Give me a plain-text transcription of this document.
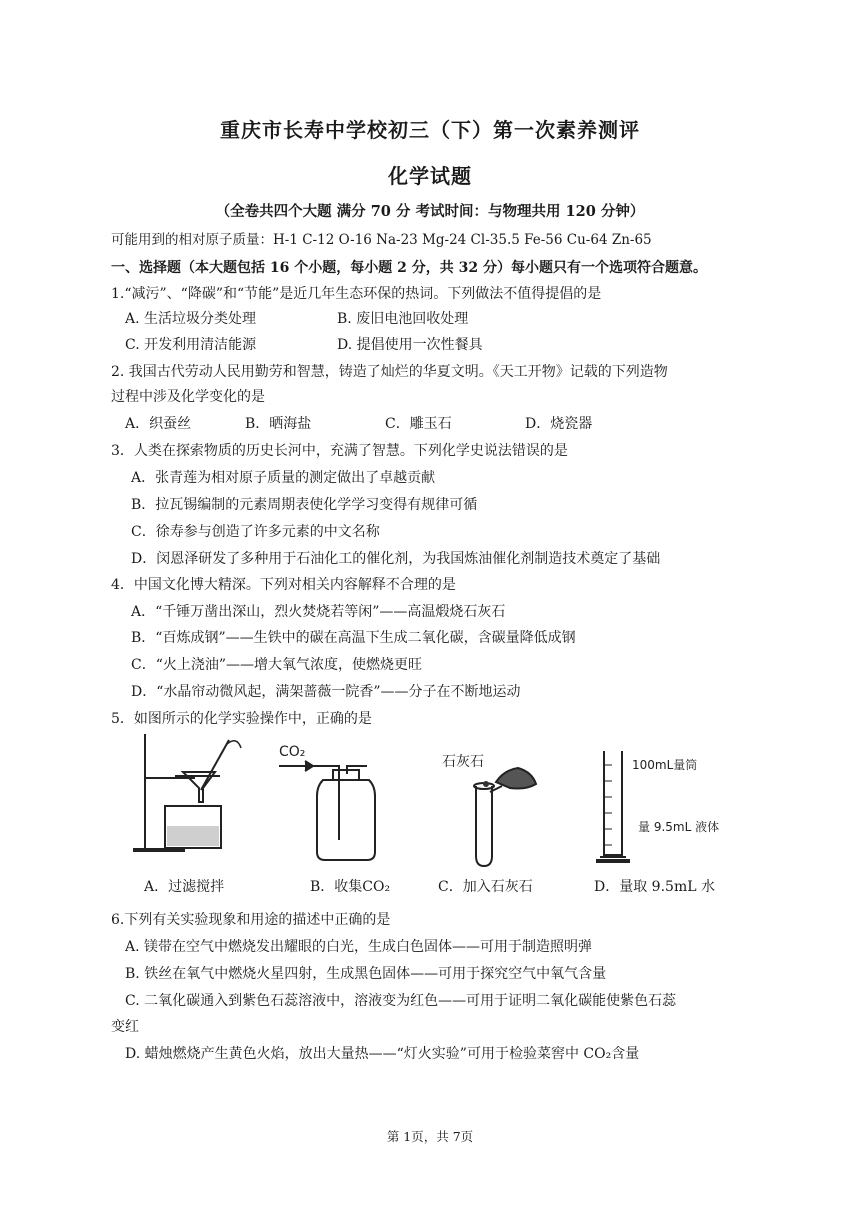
重庆市长寿中学校初三（下）第一次素养测评
化学试题
（全卷共四个大题 满分 70 分 考试时间：与物理共用 120 分钟）
可能用到的相对原子质量：H-1 C-12 O-16 Na-23 Mg-24 Cl-35.5 Fe-56 Cu-64 Zn-65
一、选择题（本大题包括 16 个小题，每小题 2 分，共 32 分）每小题只有一个选项符合题意。
1.“减污”、“降碳”和“节能”是近几年生态环保的热词。下列做法不值得提倡的是
A. 生活垃圾分类处理	B. 废旧电池回收处理
C. 开发利用清洁能源	D. 提倡使用一次性餐具
2. 我国古代劳动人民用勤劳和智慧，铸造了灿烂的华夏文明。《天工开物》记载的下列造物
过程中涉及化学变化的是
A．织蚕丝	B．晒海盐	C．雕玉石	D．烧瓷器
3．人类在探索物质的历史长河中，充满了智慧。下列化学史说法错误的是
A．张青莲为相对原子质量的测定做出了卓越贡献
B．拉瓦锡编制的元素周期表使化学学习变得有规律可循
C．徐寿参与创造了许多元素的中文名称
D．闵恩泽研发了多种用于石油化工的催化剂，为我国炼油催化剂制造技术奠定了基础
4．中国文化博大精深。下列对相关内容解释不合理的是
A．“千锤万凿出深山，烈火焚烧若等闲”——高温煅烧石灰石
B．“百炼成钢”——生铁中的碳在高温下生成二氧化碳，含碳量降低成钢
C．“火上浇油”——增大氧气浓度，使燃烧更旺
D．“水晶帘动微风起，满架蔷薇一院香”——分子在不断地运动
5．如图所示的化学实验操作中，正确的是
CO₂
石灰石	100mL量筒
量 9.5mL 液体
A．过滤搅拌	B．收集CO₂	C．加入石灰石	D．量取 9.5mL 水
6.下列有关实验现象和用途的描述中正确的是
A. 镁带在空气中燃烧发出耀眼的白光，生成白色固体——可用于制造照明弹
B. 铁丝在氧气中燃烧火星四射，生成黑色固体——可用于探究空气中氧气含量
C. 二氧化碳通入到紫色石蕊溶液中，溶液变为红色——可用于证明二氧化碳能使紫色石蕊
变红
D. 蜡烛燃烧产生黄色火焰，放出大量热——“灯火实验”可用于检验菜窖中 CO₂含量
第 1页，共 7页
